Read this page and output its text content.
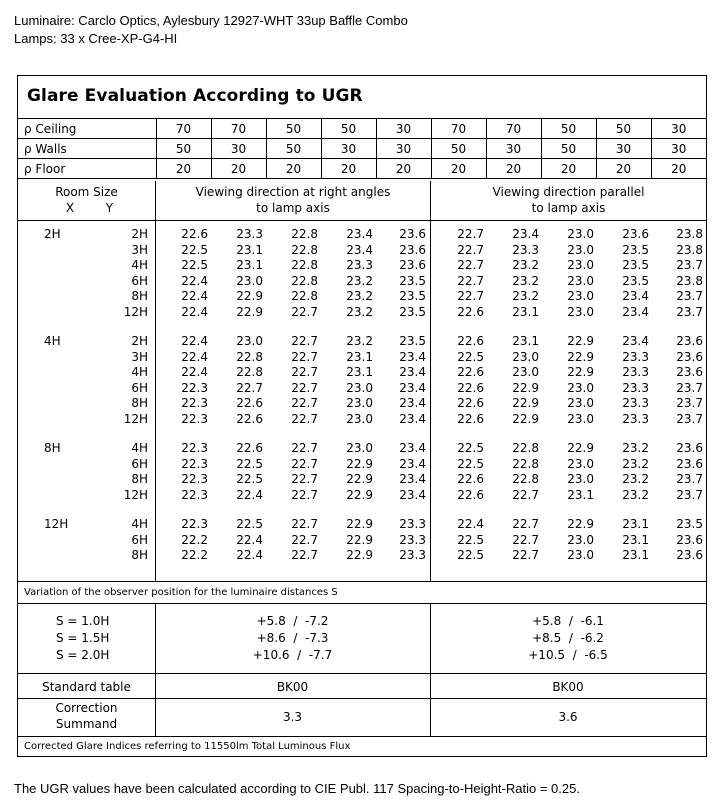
Luminaire: Carclo Optics, Aylesbury 12927-WHT 33up Baffle Combo
Lamps: 33 x Cree-XP-G4-HI
Glare Evaluation According to UGR
ρ Ceiling	70	70	50	50	30	70	70	50	50	30
ρ Walls	50	30	50	30	30	50	30	50	30	30
ρ Floor	20	20	20	20	20	20	20	20	20	20
Room Size
X	Y
Viewing direction at right angles
to lamp axis
Viewing direction parallel
to lamp axis
2H	2H	22.6	23.3	22.8	23.4	23.6	22.7	23.4	23.0	23.6	23.8
3H	22.5	23.1	22.8	23.4	23.6	22.7	23.3	23.0	23.5	23.8
4H	22.5	23.1	22.8	23.3	23.6	22.7	23.2	23.0	23.5	23.7
6H	22.4	23.0	22.8	23.2	23.5	22.7	23.2	23.0	23.5	23.8
8H	22.4	22.9	22.8	23.2	23.5	22.7	23.2	23.0	23.4	23.7
12H	22.4	22.9	22.7	23.2	23.5	22.6	23.1	23.0	23.4	23.7
4H	2H	22.4	23.0	22.7	23.2	23.5	22.6	23.1	22.9	23.4	23.6
3H	22.4	22.8	22.7	23.1	23.4	22.5	23.0	22.9	23.3	23.6
4H	22.4	22.8	22.7	23.1	23.4	22.6	23.0	22.9	23.3	23.6
6H	22.3	22.7	22.7	23.0	23.4	22.6	22.9	23.0	23.3	23.7
8H	22.3	22.6	22.7	23.0	23.4	22.6	22.9	23.0	23.3	23.7
12H	22.3	22.6	22.7	23.0	23.4	22.6	22.9	23.0	23.3	23.7
8H	4H	22.3	22.6	22.7	23.0	23.4	22.5	22.8	22.9	23.2	23.6
6H	22.3	22.5	22.7	22.9	23.4	22.5	22.8	23.0	23.2	23.6
8H	22.3	22.5	22.7	22.9	23.4	22.6	22.8	23.0	23.2	23.7
12H	22.3	22.4	22.7	22.9	23.4	22.6	22.7	23.1	23.2	23.7
12H	4H	22.3	22.5	22.7	22.9	23.3	22.4	22.7	22.9	23.1	23.5
6H	22.2	22.4	22.7	22.9	23.3	22.5	22.7	23.0	23.1	23.6
8H	22.2	22.4	22.7	22.9	23.3	22.5	22.7	23.0	23.1	23.6
Variation of the observer position for the luminaire distances S
S = 1.0H	+5.8  /  -7.2	+5.8  /  -6.1
S = 1.5H	+8.6  /  -7.3	+8.5  /  -6.2
S = 2.0H	+10.6  /  -7.7	+10.5  /  -6.5
Standard table	BK00	BK00
Correction
Summand	3.3	3.6
Corrected Glare Indices referring to 11550lm Total Luminous Flux
The UGR values have been calculated according to CIE Publ. 117 Spacing-to-Height-Ratio = 0.25.
